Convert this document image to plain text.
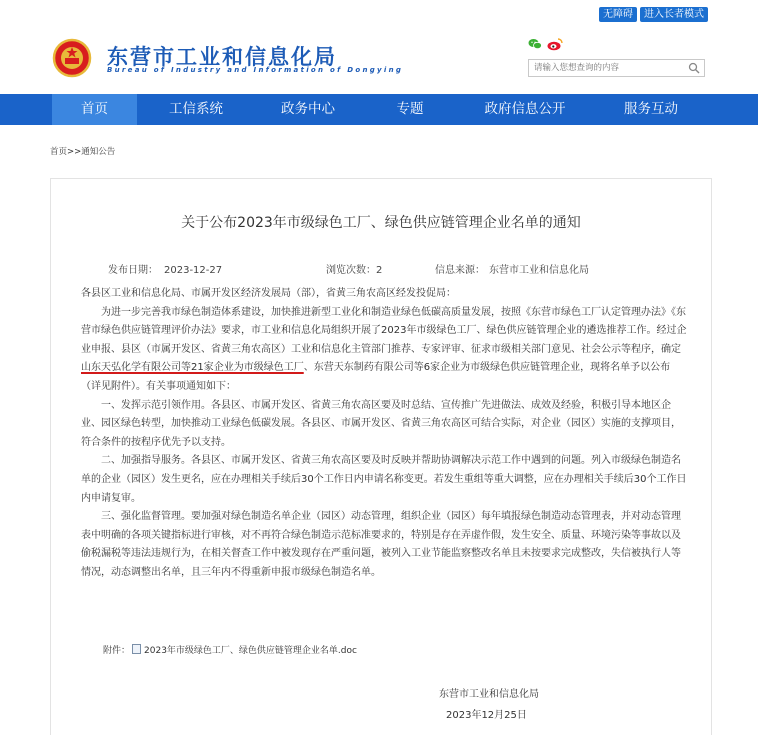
无障碍	进入长者模式
东营市工业和信息化局
Bureau of Industry and Information of Dongying
请输入您想查询的内容
首页	工信系统	政务中心	专题	政府信息公开	服务互动
首页>>通知公告
关于公布2023年市级绿色工厂、绿色供应链管理企业名单的通知
发布日期： 2023-12-27	浏览次数：2	信息来源： 东营市工业和信息化局

各县区工业和信息化局、市属开发区经济发展局（部），省黄三角农高区经发投促局：

为进一步完善我市绿色制造体系建设，加快推进新型工业化和制造业绿色低碳高质量发展，按照《东营市绿色工厂认定管理办法》《东营市绿色供应链管理评价办法》要求，市工业和信息化局组织开展了2023年市级绿色工厂、绿色供应链管理企业的遴选推荐工作。经过企业申报、县区（市属开发区、省黄三角农高区）工业和信息化主管部门推荐、专家评审、征求市级相关部门意见、社会公示等程序，确定山东天弘化学有限公司等21家企业为市级绿色工厂、东营天东制药有限公司等6家企业为市级绿色供应链管理企业，现将名单予以公布（详见附件）。有关事项通知如下：

一、发挥示范引领作用。各县区、市属开发区、省黄三角农高区要及时总结、宣传推广先进做法、成效及经验，积极引导本地区企业、园区绿色转型，加快推动工业绿色低碳发展。各县区、市属开发区、省黄三角农高区可结合实际，对企业（园区）实施的支撑项目，符合条件的按程序优先予以支持。

二、加强指导服务。各县区、市属开发区、省黄三角农高区要及时反映并帮助协调解决示范工作中遇到的问题。列入市级绿色制造名单的企业（园区）发生更名，应在办理相关手续后30个工作日内申请名称变更。若发生重组等重大调整，应在办理相关手续后30个工作日内申请复审。

三、强化监督管理。要加强对绿色制造名单企业（园区）动态管理，组织企业（园区）每年填报绿色制造动态管理表，并对动态管理表中明确的各项关键指标进行审核，对不再符合绿色制造示范标准要求的，特别是存在弄虚作假，发生安全、质量、环境污染等事故以及偷税漏税等违法违规行为，在相关督查工作中被发现存在严重问题，被列入工业节能监察整改名单且未按要求完成整改，失信被执行人等情况，动态调整出名单，且三年内不得重新申报市级绿色制造名单。

附件： 2023年市级绿色工厂、绿色供应链管理企业名单.doc
东营市工业和信息化局
2023年12月25日
